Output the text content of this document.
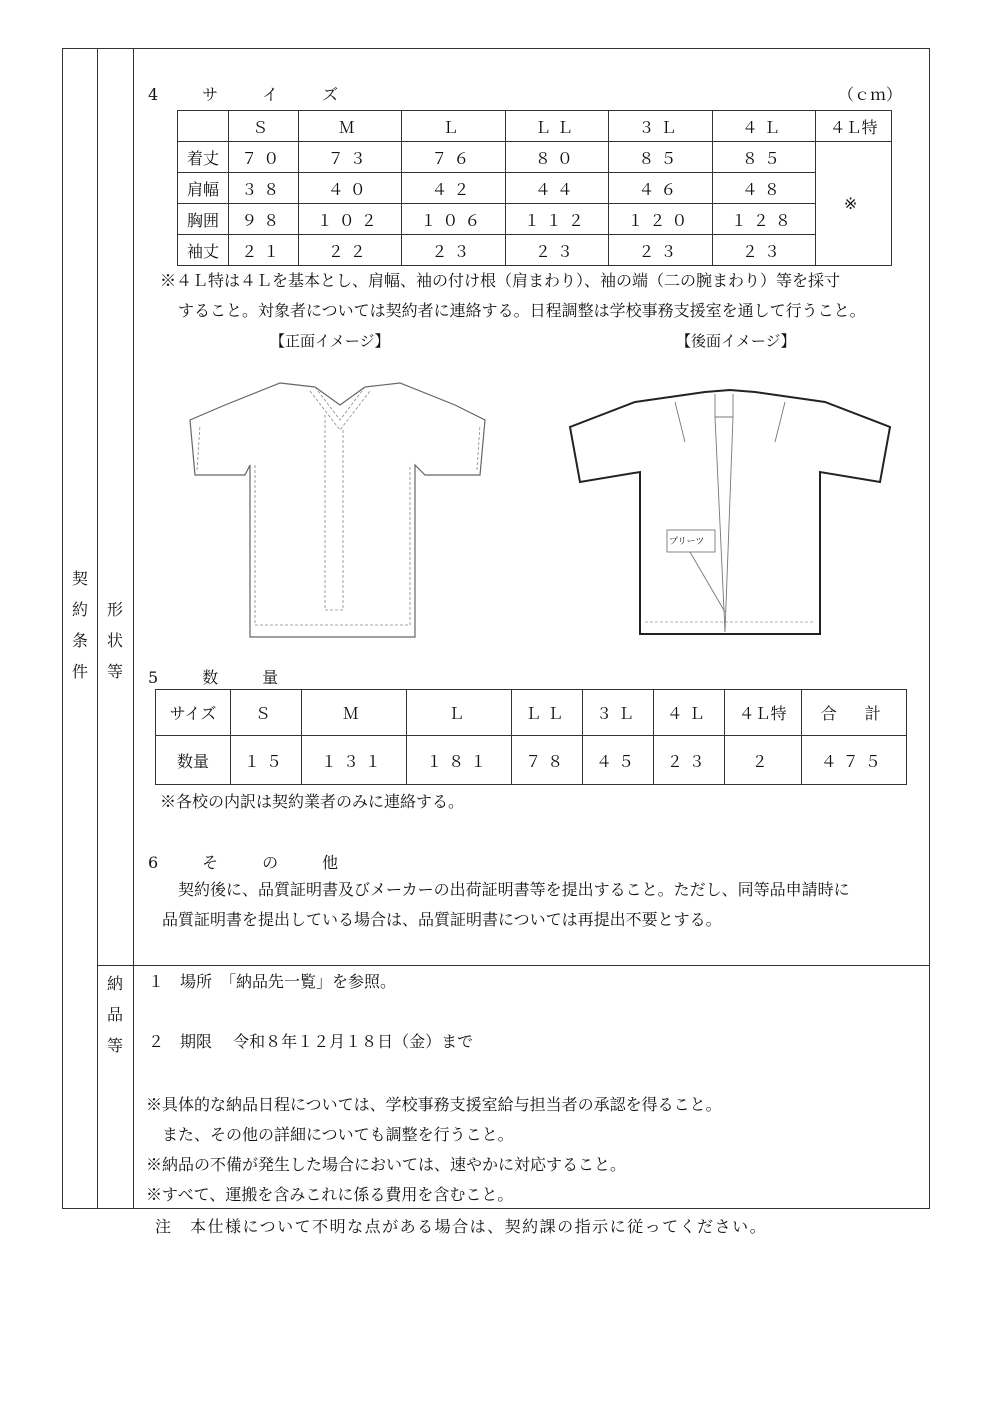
契
約
条
件
形
状
等
納
品
等
4　サ　イ　ズ	（ｃｍ）
	Ｓ	Ｍ	Ｌ	ＬＬ	３Ｌ	４Ｌ	４Ｌ特
着丈	７０	７３	７６	８０	８５	８５	※
肩幅	３８	４０	４２	４４	４６	４８	
胸囲	９８	１０２	１０６	１１２	１２０	１２８	
袖丈	２１	２２	２３	２３	２３	２３	
※４Ｌ特は４Ｌを基本とし、肩幅、袖の付け根（肩まわり）、袖の端（二の腕まわり）等を採寸
すること。対象者については契約者に連絡する。日程調整は学校事務支援室を通して行うこと。
【正面イメージ】	【後面イメージ】
プリーツ
5　数　量
サイズ	Ｓ	Ｍ	Ｌ	ＬＬ	３Ｌ	４Ｌ	４Ｌ特	合　計
数量	１５	１３１	１８１	７８	４５	２３	２	４７５
※各校の内訳は契約業者のみに連絡する。
6　そ　の　他
　契約後に、品質証明書及びメーカーの出荷証明書等を提出すること。ただし、同等品申請時に
品質証明書を提出している場合は、品質証明書については再提出不要とする。
１　場所　「納品先一覧」を参照。
２　期限　 令和８年１２月１８日（金）まで
※具体的な納品日程については、学校事務支援室給与担当者の承認を得ること。
　また、その他の詳細についても調整を行うこと。
※納品の不備が発生した場合においては、速やかに対応すること。
※すべて、運搬を含みこれに係る費用を含むこと。
注　本仕様について不明な点がある場合は、契約課の指示に従ってください。
